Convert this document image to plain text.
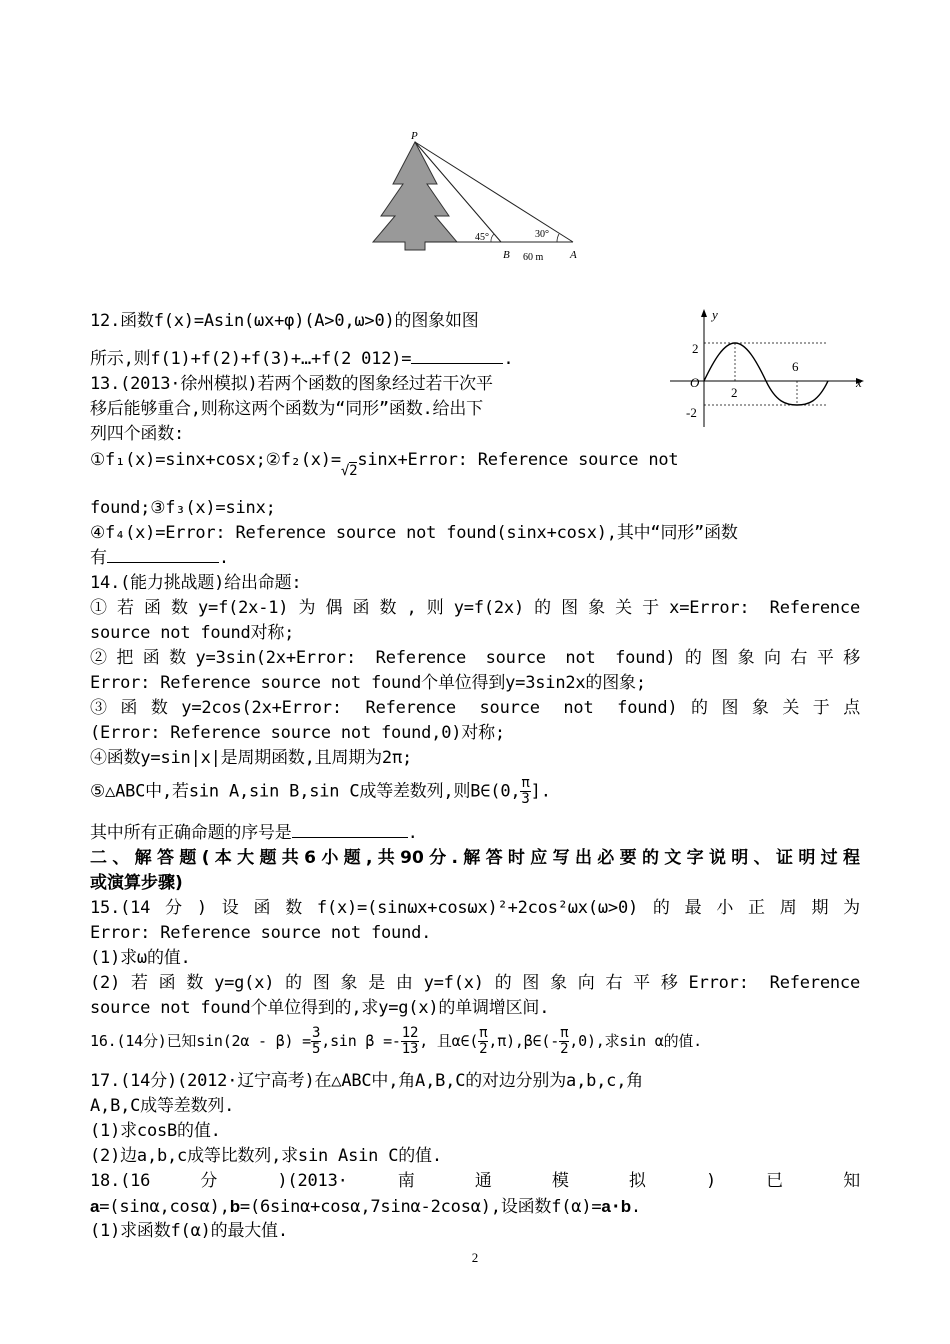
P
45°	30°
B	A
60 m
y
x
O
2
-2
2
6
12.函数f(x)=Asin(ωx+φ)(A>0,ω>0)的图象如图
所示,则f(1)+f(2)+f(3)+…+f(2 012)=	.
13.(2013·徐州模拟)若两个函数的图象经过若干次平
移后能够重合,则称这两个函数为“同形”函数.给出下
列四个函数:
$①f_1(x)=\sin x+\cos x;②f_2(x)=_{√2}\sin x+Error$: Reference source not
found;③f₃(x)=sinx;
④f₄(x)=Error: Reference source not found(sinx+cosx),其中“同形”函数
有	.
14.(能力挑战题)给出命题:
①若函数y=f(2x-1)为偶函数,则y=f(2x)的图象关于x=Error: Reference
source not found对称;
②把函数y=3sin(2x+Error: Reference source not found)的图象向右平移
Error: Reference source not found个单位得到y=3sin2x的图象;
③函数y=2cos(2x+Error: Reference source not found)的图象关于点
(Error: Reference source not found,0)对称;
④函数y=sin|x|是周期函数,且周期为2π;
⑤△ABC中,若sin A,sin B,sin C成等差数列,则B∈(0, $\frac{\pi}{3}$ ].
其中所有正确命题的序号是	.
二、解答题(本大题共6小题,共90分.解答时应写出必要的文字说明、证明过程
或演算步骤)
15.(14分)设函数f(x)=(sinωx+cosωx)²+2cos²ωx(ω>0)的最小正周期为
Error: Reference source not found.
(1)求ω的值.
(2)若函数y=g(x)的图象是由y=f(x)的图象向右平移Error: Reference
source not found个单位得到的,求y=g(x)的单调增区间.
16.(14分)已知$\sin(2\alpha - \beta) = \frac{3}{5} ,\sin$ $\beta =- \frac{12}{13}$ , 且α∈( $\frac{\pi}{2}$ ,π),β∈(- $\frac{\pi}{2} ,0$),求sin α的值.
17.(14分)(2012·辽宁高考)在△ABC中,角A,B,C的对边分别为a,b,c,角
A,B,C成等差数列.
(1)求cosB的值.
(2)边a,b,c成等比数列,求sin Asin C的值.
18.(16 分 )(2013· 南 通 模 拟 ) 已 知
a=(sinα,cosα),b=(6sinα+cosα,7sinα-2cosα),设函数f(α)=a·b.
(1)求函数f(α)的最大值.
2
